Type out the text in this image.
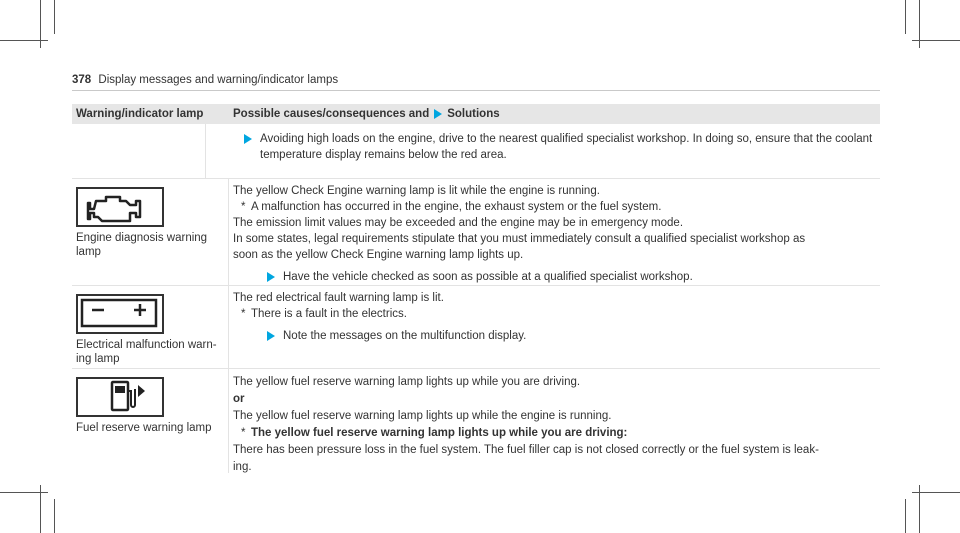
378 Display messages and warning/indicator lamps
Warning/indicator lamp	Possible causes/consequences and Solutions

Avoiding high loads on the engine, drive to the nearest qualified specialist workshop. In doing so, ensure that the coolant temperature display remains below the red area.

Engine diagnosis warning
lamp

The yellow Check Engine warning lamp is lit while the engine is running.

* A malfunction has occurred in the engine, the exhaust system or the fuel system.

The emission limit values may be exceeded and the engine may be in emergency mode.

In some states, legal requirements stipulate that you must immediately consult a qualified specialist workshop as soon as the yellow Check Engine warning lamp lights up.

Have the vehicle checked as soon as possible at a qualified specialist workshop.

Electrical malfunction warn-
ing lamp

The red electrical fault warning lamp is lit.

* There is a fault in the electrics.

Note the messages on the multifunction display.

Fuel reserve warning lamp

The yellow fuel reserve warning lamp lights up while you are driving.

or

The yellow fuel reserve warning lamp lights up while the engine is running.

* The yellow fuel reserve warning lamp lights up while you are driving:

There has been pressure loss in the fuel system. The fuel filler cap is not closed correctly or the fuel system is leak-

ing.
